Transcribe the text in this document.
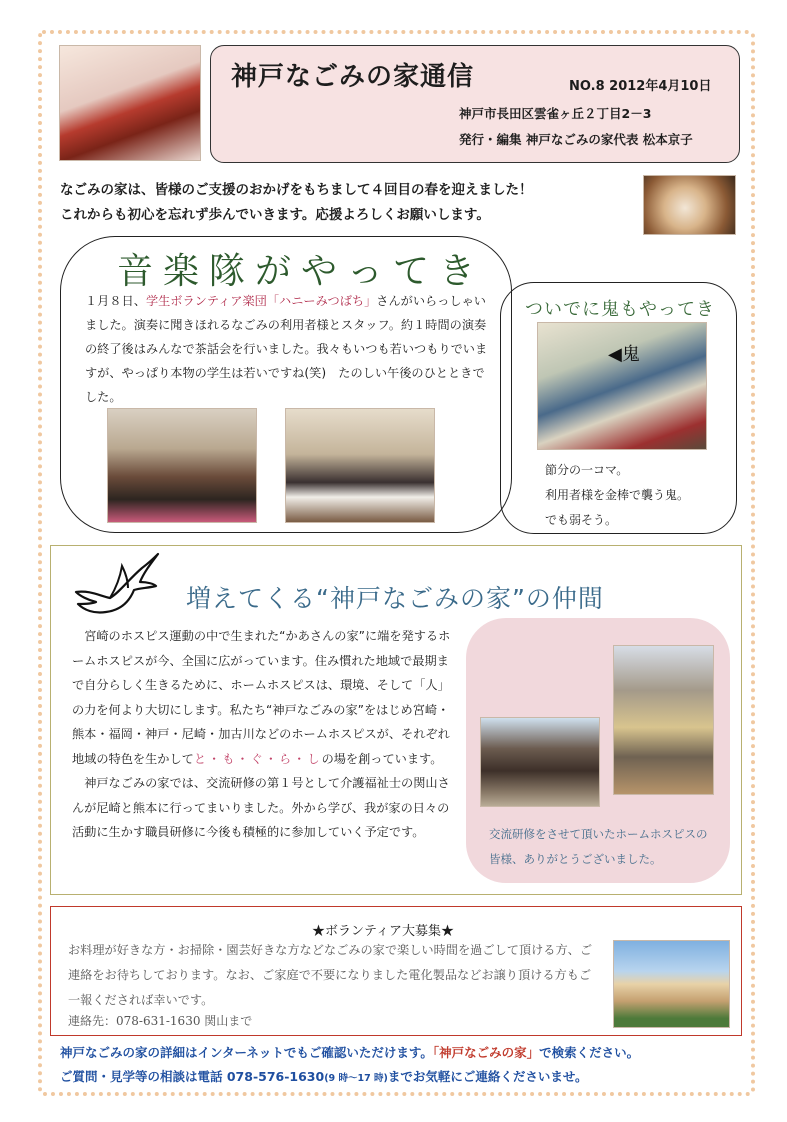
神戸なごみの家通信	NO.8 2012年4月10日
神戸市長田区雲雀ヶ丘２丁目2－3
発行・編集 神戸なごみの家代表 松本京子
なごみの家は、皆様のご支援のおかげをもちまして４回目の春を迎えました！
これからも初心を忘れず歩んでいきます。応援よろしくお願いします。
音楽隊がやってき
１月８日、学生ボランティア楽団「ハニーみつばち」さんがいらっしゃいました。演奏に聞きほれるなごみの利用者様とスタッフ。約１時間の演奏の終了後はみんなで茶話会を行いました。我々もいつも若いつもりでいますが、やっぱり本物の学生は若いですね(笑)　たのしい午後のひとときでした。
ついでに鬼もやってき
◀鬼
節分の一コマ。
利用者様を金棒で襲う鬼。
でも弱そう。
増えてくる“神戸なごみの家”の仲間
　宮崎のホスピス運動の中で生まれた“かあさんの家”に端を発するホームホスピスが今、全国に広がっています。住み慣れた地域で最期まで自分らしく生きるために、ホームホスピスは、環境、そして「人」の力を何より大切にします。私たち“神戸なごみの家”をはじめ宮崎・熊本・福岡・神戸・尼崎・加古川などのホームホスピスが、それぞれ地域の特色を生かしてと・も・ぐ・ら・しの場を創っています。
　神戸なごみの家では、交流研修の第１号として介護福祉士の関山さんが尼崎と熊本に行ってまいりました。外から学び、我が家の日々の活動に生かす職員研修に今後も積極的に参加していく予定です。	交流研修をさせて頂いたホームホスピスの皆様、ありがとうございました。
★ボランティア大募集★
お料理が好きな方・お掃除・園芸好きな方などなごみの家で楽しい時間を過ごして頂ける方、ご連絡をお待ちしております。なお、ご家庭で不要になりました電化製品などお譲り頂ける方もご一報くだされば幸いです。
連絡先：078-631-1630 関山まで
神戸なごみの家の詳細はインターネットでもご確認いただけます。「神戸なごみの家」で検索ください。
ご質問・見学等の相談は電話 078-576-1630(9 時～17 時)までお気軽にご連絡くださいませ。
